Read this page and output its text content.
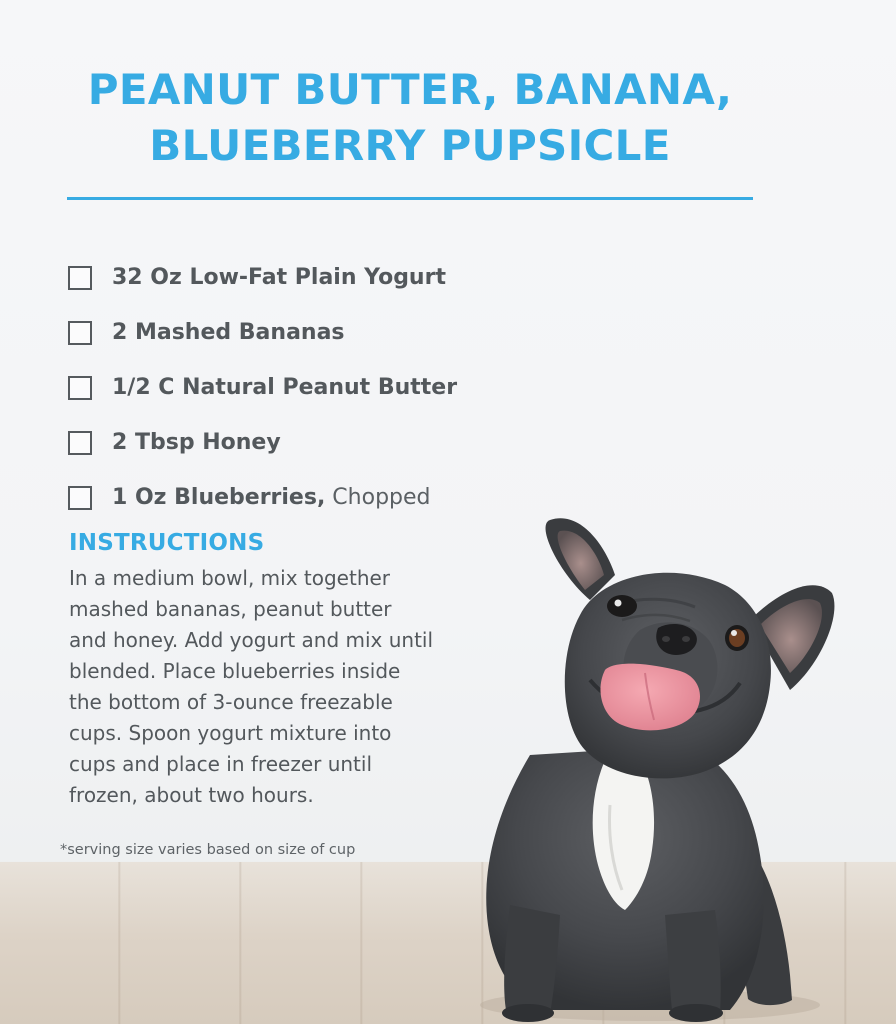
PEANUT BUTTER, BANANA,
BLUEBERRY PUPSICLE
32 Oz Low-Fat Plain Yogurt
2 Mashed Bananas
1/2 C Natural Peanut Butter
2 Tbsp Honey
1 Oz Blueberries, Chopped
INSTRUCTIONS
In a medium bowl, mix together
mashed bananas, peanut butter
and honey. Add yogurt and mix until
blended. Place blueberries inside
the bottom of 3-ounce freezable
cups. Spoon yogurt mixture into
cups and place in freezer until
frozen, about two hours.
*serving size varies based on size of cup
